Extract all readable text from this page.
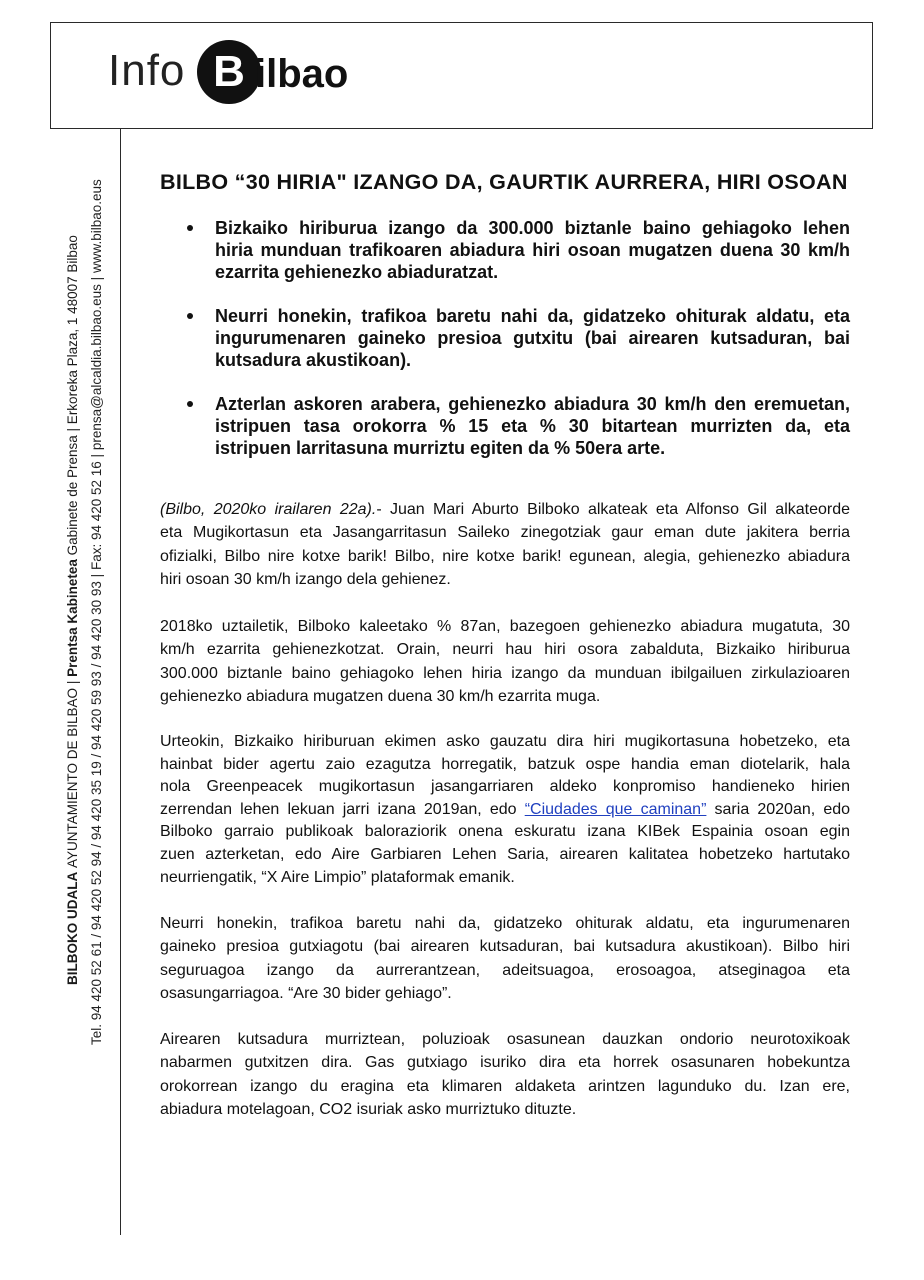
Info B ilbao
BILBOKO UDALA AYUNTAMIENTO DE BILBAO | Prentsa Kabinetea Gabinete de Prensa | Erkoreka Plaza, 1 48007 Bilbao
Tel. 94 420 52 61 / 94 420 52 94 / 94 420 35 19 / 94 420 59 93 / 94 420 30 93 | Fax: 94 420 52 16 | prensa@alcaldia.bilbao.eus | www.bilbao.eus	BILBO “30 HIRIA" IZANGO DA, GAURTIK AURRERA, HIRI OSOAN
Bizkaiko hiriburua izango da 300.000 biztanle baino gehiagoko lehen
hiria munduan trafikoaren abiadura hiri osoan mugatzen duena 30 km/h
ezarrita gehienezko abiaduratzat.
Neurri honekin, trafikoa baretu nahi da, gidatzeko ohiturak aldatu, eta
ingurumenaren gaineko presioa gutxitu (bai airearen kutsaduran, bai
kutsadura akustikoan).
Azterlan askoren arabera, gehienezko abiadura 30 km/h den eremuetan,
istripuen tasa orokorra % 15 eta % 30 bitartean murrizten da, eta
istripuen larritasuna murriztu egiten da % 50era arte.
(Bilbo, 2020ko irailaren 22a).- Juan Mari Aburto Bilboko alkateak eta Alfonso Gil alkateorde
eta Mugikortasun eta Jasangarritasun Saileko zinegotziak gaur eman dute jakitera berria
ofizialki, Bilbo nire kotxe barik! Bilbo, nire kotxe barik! egunean, alegia, gehienezko abiadura
hiri osoan 30 km/h izango dela gehienez.
2018ko uztailetik, Bilboko kaleetako % 87an, bazegoen gehienezko abiadura mugatuta, 30
km/h ezarrita gehienezkotzat. Orain, neurri hau hiri osora zabalduta, Bizkaiko hiriburua
300.000 biztanle baino gehiagoko lehen hiria izango da munduan ibilgailuen zirkulazioaren
gehienezko abiadura mugatzen duena 30 km/h ezarrita muga.
Urteokin, Bizkaiko hiriburuan ekimen asko gauzatu dira hiri mugikortasuna hobetzeko, eta
hainbat bider agertu zaio ezagutza horregatik, batzuk ospe handia eman diotelarik, hala
nola Greenpeacek mugikortasun jasangarriaren aldeko konpromiso handieneko hirien
zerrendan lehen lekuan jarri izana 2019an, edo “Ciudades que caminan” saria 2020an, edo
Bilboko garraio publikoak baloraziorik onena eskuratu izana KIBek Espainia osoan egin
zuen azterketan, edo Aire Garbiaren Lehen Saria, airearen kalitatea hobetzeko hartutako
neurriengatik, “X Aire Limpio” plataformak emanik.
Neurri honekin, trafikoa baretu nahi da, gidatzeko ohiturak aldatu, eta ingurumenaren
gaineko presioa gutxiagotu (bai airearen kutsaduran, bai kutsadura akustikoan). Bilbo hiri
seguruagoa izango da aurrerantzean, adeitsuagoa, erosoagoa, atseginagoa eta
osasungarriagoa. “Are 30 bider gehiago”.
Airearen kutsadura murriztean, poluzioak osasunean dauzkan ondorio neurotoxikoak
nabarmen gutxitzen dira. Gas gutxiago isuriko dira eta horrek osasunaren hobekuntza
orokorrean izango du eragina eta klimaren aldaketa arintzen lagunduko du. Izan ere,
abiadura motelagoan, CO2 isuriak asko murriztuko dituzte.
